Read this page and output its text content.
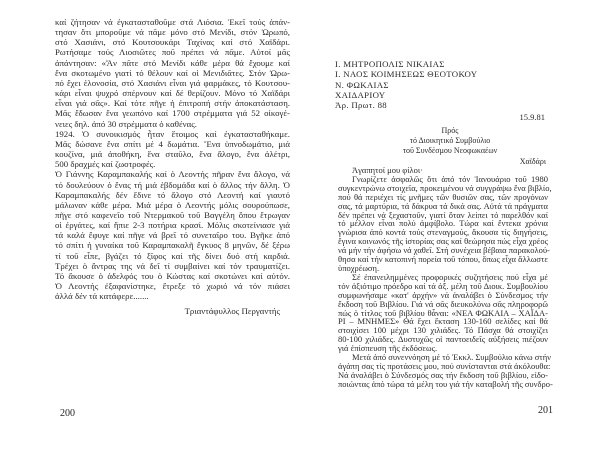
καί ζήτησαν νά ἐγκατασταθοῦμε στά Λιόσια. Ἐκεῖ τούς ἀπάν-
τησαν ὅτι μποροῦμε νά πᾶμε μόνο στό Μενίδι, στόν Ὠρωπό,
στό Χασιάνι, στό Κουτσουκάρι Ταχίνας καί στό Χαϊδάρι.
Ρωτήσαμε τούς Λιοσιῶτες ποῦ πρέπει νά πᾶμε. Αὐτοί μᾶς
ἀπάντησαν: «Ἄν πᾶτε στό Μενίδι κάθε μέρα θά ἔχουμε καί
ἕνα σκοτωμένο γιατί τό θέλουν καί οἱ Μενιδιᾶτες. Στόν Ὠρω-
πό ἔχει ἑλονοσία, στό Χασιάνι εἶναι γιά φαρμάκες, τό Κουτσου-
κάρι εἶναι ψυχρό σπέρνουν καί δέ θερίζουν. Μόνο τό Χαϊδάρι
εἶναι γιά σᾶς». Καί τότε πῆγε ἡ ἐπιτροπή στήν ἀποκατάσταση.
Μᾶς ἔδωσαν ἕνα γεωπόνο καί 1700 στρέμματα γιά 52 οἰκογέ-
νειες δηλ. ἀπό 30 στρέμματα ὁ καθένας.
1924. Ὁ συνοικισμός ἦταν ἕτοιμος καί ἐγκατασταθήκαμε.
Μᾶς δώσανε ἕνα σπίτι μέ 4 δωμάτια. Ἕνα ὑπνοδωμάτιο, μιά
κουζίνα, μιά ἀποθήκη, ἕνα σταῦλο, ἕνα ἄλογο, ἕνα ἀλέτρι,
500 δραχμές καί ζωοτροφές.
Ὁ Γιάννης Καραμπακαλής καί ὁ Λεοντής πῆραν ἕνα ἄλογο, νά
τό δουλεύουν ὁ ἕνας τή μιά ἑβδομάδα καί ὁ ἄλλος τήν ἄλλη. Ὁ
Καραμπακαλής δέν ἔδινε τό ἄλογο στό Λεοντή καί γιαυτό
μάλωναν κάθε μέρα. Μιά μέρα ὁ Λεοντής μόλις σουρούπωσε,
πῆγε στό καφενεῖο τοῦ Ντερμακοῦ τοῦ Βαγγέλη ὅπου ἔτρωγαν
οἱ ἐργάτες, καί ἤπιε 2-3 ποτήρια κρασί. Μόλις σκοτείνιασε γιά
τά καλά ἔφυγε καί πῆγε νά βρεῖ τό συνεταῖρο του. Βγῆκε ἀπό
τό σπίτι ἡ γυναίκα τοῦ Καραμπακαλῆ ἔγκυος 8 μηνῶν, δέ ξέρω
τί τοῦ εἶπε, βγάζει τό ξῖφος καί τῆς δίνει δυό στή καρδιά.
Τρέχει ὁ ἄντρας της νά δεῖ τί συμβαίνει καί τόν τραυματίζει.
Τό ἄκουσε ὁ ἀδελφός του ὁ Κώστας καί σκοτώνει καί αὐτόν.
Ὁ Λεοντής ἐξαφανίστηκε, ἔτρεξε τό χωριό νά τόν πιάσει
ἀλλά δέν τά κατάφερε.......
Τριαντάφυλλος Περγαντής
200
Ι. ΜΗΤΡΟΠΟΛΙΣ ΝΙΚΑΙΑΣ
Ι. ΝΑΟΣ ΚΟΙΜΗΣΕΩΣ ΘΕΟΤΟΚΟΥ
Ν. ΦΩΚΑΙΑΣ
ΧΑΙΔΑΡΙΟΥ
Ἀρ. Πρωτ. 88
15.9.81
Πρός
τό Διοικητικό Συμβούλιο
τοῦ Συνδέσμου Νεοφωκαέων
Χαϊδάρι
Ἀγαπητοί μου φίλοι·
Γνωρίζετε ἀσφαλῶς ὅτι ἀπό τόν Ἰανουάριο τοῦ 1980
συγκεντρώνω στοιχεῖα, προκειμένου νά συγγράψω ἕνα βιβλίο,
πού θά περιέχει τίς μνῆμες τῶν θυσιῶν σας, τῶν προγόνων
σας, τά μαρτύρια, τά δάκρυα τά δικά σας. Αὐτά τά πράγματα
δέν πρέπει νά ξεχαστοῦν, γιατί ὅταν λείπει τό παρελθόν καί
τό μέλλον εἶναι πολύ ἀμφίβολο. Τώρα καί ἔντεκα χρόνια
γνώρισα ἀπό κοντά τούς στεναγμούς, ἄκουσα τίς διηγήσεις,
ἔγινα κοινωνός τῆς ἱστορίας σας καί θεώρησα πώς εἶχα χρέος
νά μήν τήν ἀφήσω νά χαθεῖ. Στή συνέχεια βέβαια παρακολού-
θησα καί τήν κατοπινή πορεία τοῦ τόπου, ὅπως εἶχα ἄλλωστε
ὑποχρέωση.
Σέ ἐπανειλημμένες προφορικές συζητήσεις πού εἶχα μέ
τόν ἀξιότιμο πρόεδρο καί τά ἀξ. μέλη τοῦ Διοικ. Συμβουλίου
συμφωνήσαμε «κατ' ἀρχήν» νά ἀναλάβει ὁ Σύνδεσμος τήν
ἔκδοση τοῦ Βιβλίου. Γιά νά σᾶς διευκολύνω σᾶς πληροφορῶ
πώς ὁ τίτλος τοῦ βιβλίου θἆναι: «ΝΕΑ ΦΩΚΑΙΑ – ΧΑΪΔΑ-
ΡΙ – ΜΝΗΜΕΣ» Θά ἔχει ἔκταση 130-160 σελίδες καί θά
στοιχίσει 100 μέχρι 130 χιλιάδες. Τό Πάσχα θά στοιχίζει
80-100 χιλιάδες. Δυστυχῶς οἱ παντοειδεῖς αὐξήσεις πιέζουν
γιά ἐπίσπευση τῆς ἐκδόσεως.
Μετά ἀπό συνεννόηση μέ τό Ἐκκλ. Συμβούλιο κάνω στήν
ἀγάπη σας τίς προτάσεις μου, πού συνίστανται στά ἀκόλουθα:
Νά ἀναλάβει ὁ Σύνδεσμός σας τήν ἔκδοση τοῦ βιβλίου, εἰδο-
ποιώντας ἀπό τώρα τά μέλη του γιά τήν καταβολή τῆς συνδρο-
201
